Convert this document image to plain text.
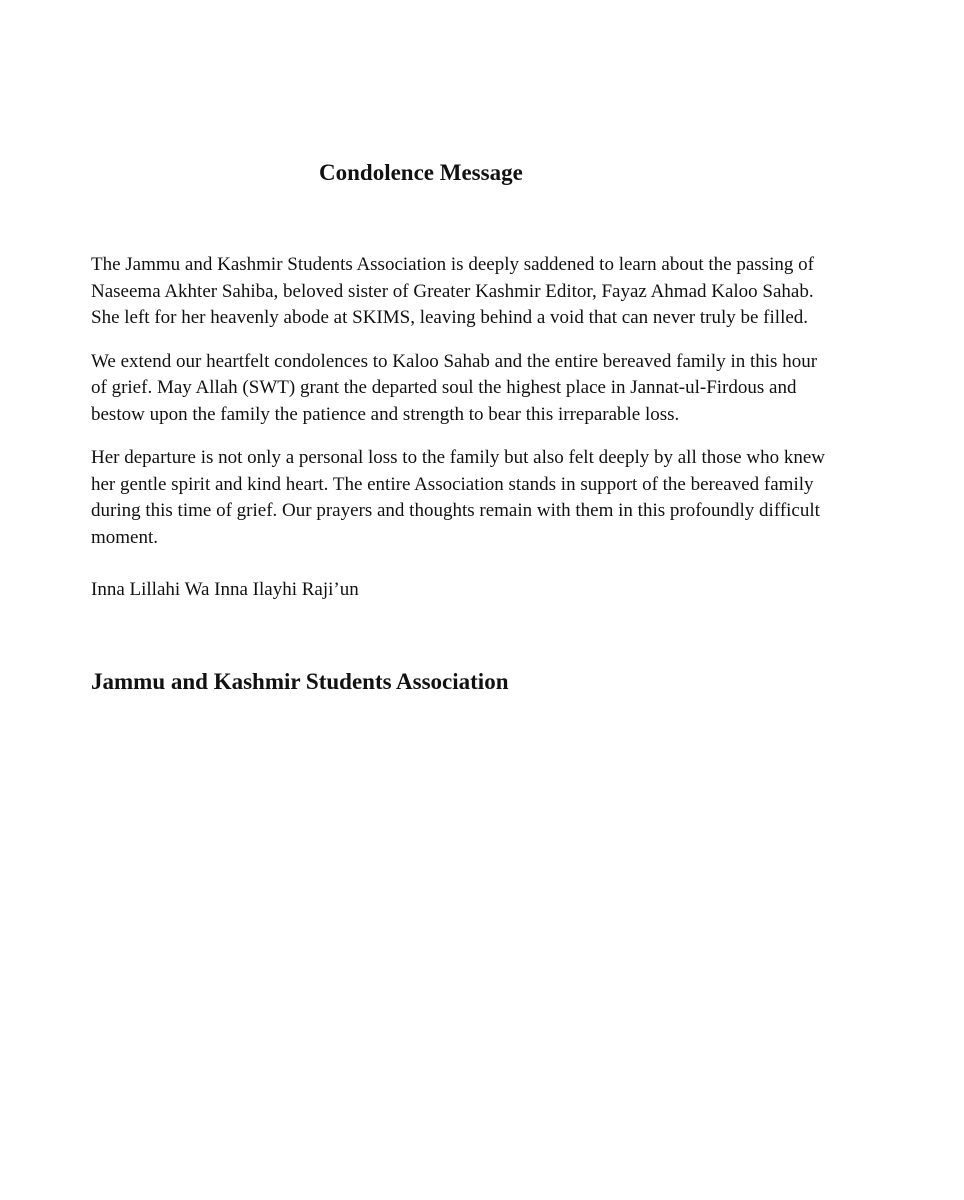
Condolence Message

The Jammu and Kashmir Students Association is deeply saddened to learn about the passing of
Naseema Akhter Sahiba, beloved sister of Greater Kashmir Editor, Fayaz Ahmad Kaloo Sahab.
She left for her heavenly abode at SKIMS, leaving behind a void that can never truly be filled.

We extend our heartfelt condolences to Kaloo Sahab and the entire bereaved family in this hour
of grief. May Allah (SWT) grant the departed soul the highest place in Jannat-ul-Firdous and
bestow upon the family the patience and strength to bear this irreparable loss.

Her departure is not only a personal loss to the family but also felt deeply by all those who knew
her gentle spirit and kind heart. The entire Association stands in support of the bereaved family
during this time of grief. Our prayers and thoughts remain with them in this profoundly difficult
moment.

Inna Lillahi Wa Inna Ilayhi Raji’un

Jammu and Kashmir Students Association
